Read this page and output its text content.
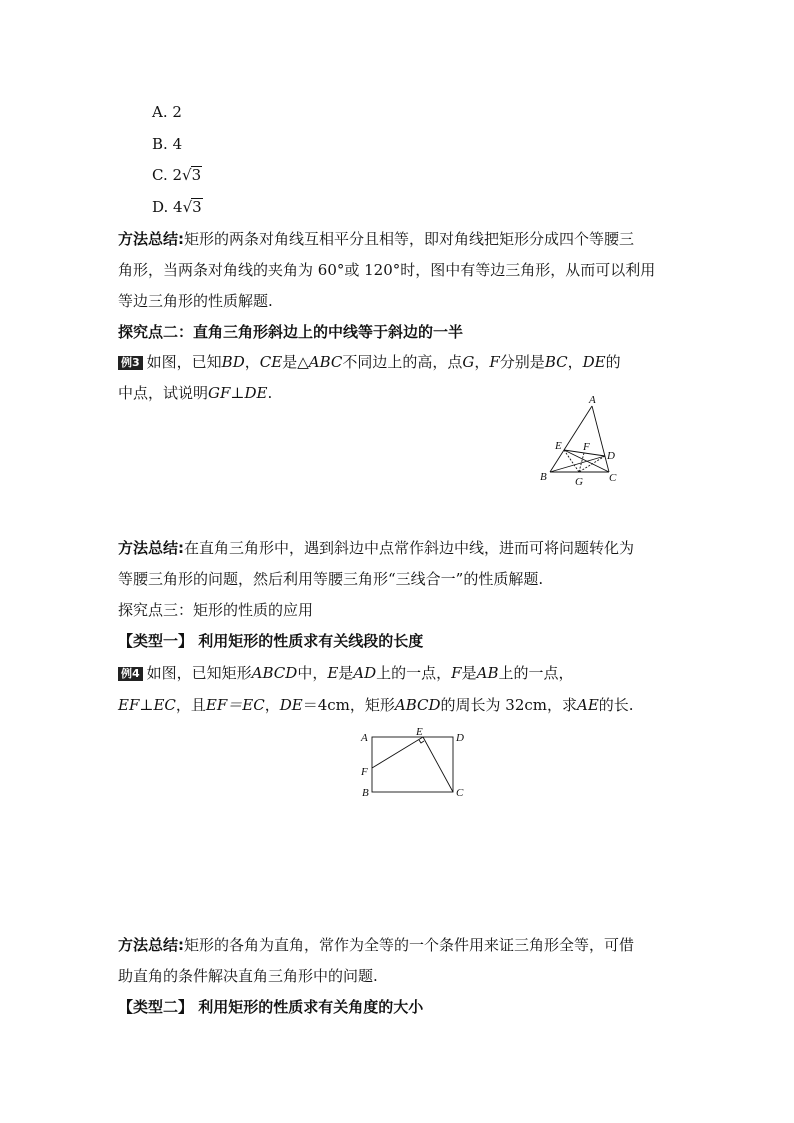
A. 2
B. 4
C. 2√3
D. 4√3
方法总结:矩形的两条对角线互相平分且相等，即对角线把矩形分成四个等腰三
角形，当两条对角线的夹角为 60°或 120°时，图中有等边三角形，从而可以利用
等边三角形的性质解题.
探究点二：直角三角形斜边上的中线等于斜边的一半
例3 如图，已知BD，CE是△ABC不同边上的高，点G，F分别是BC，DE的
中点，试说明GF⊥DE.	A
E F
D
B	G C
方法总结:在直角三角形中，遇到斜边中点常作斜边中线，进而可将问题转化为
等腰三角形的问题，然后利用等腰三角形“三线合一”的性质解题.
探究点三：矩形的性质的应用
【类型一】 利用矩形的性质求有关线段的长度
例4 如图，已知矩形ABCD中，E是AD上的一点，F是AB上的一点，
EF⊥EC，且EF＝EC，DE＝4cm，矩形ABCD的周长为 32cm，求AE的长.
A	E	D
F
B	C
方法总结:矩形的各角为直角，常作为全等的一个条件用来证三角形全等，可借
助直角的条件解决直角三角形中的问题.
【类型二】 利用矩形的性质求有关角度的大小
